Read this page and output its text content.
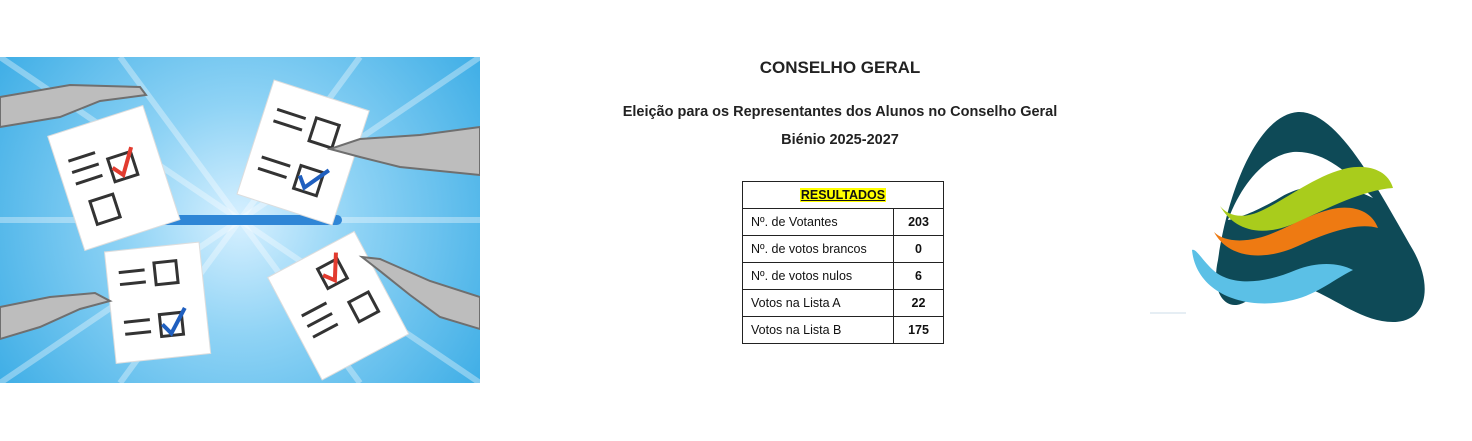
CONSELHO GERAL
Eleição para os Representantes dos Alunos no Conselho Geral
Biénio 2025-2027
RESULTADOS	
Nº. de Votantes	203
Nº. de votos brancos	0
Nº. de votos nulos	6
Votos na Lista A	22
Votos na Lista B	175
